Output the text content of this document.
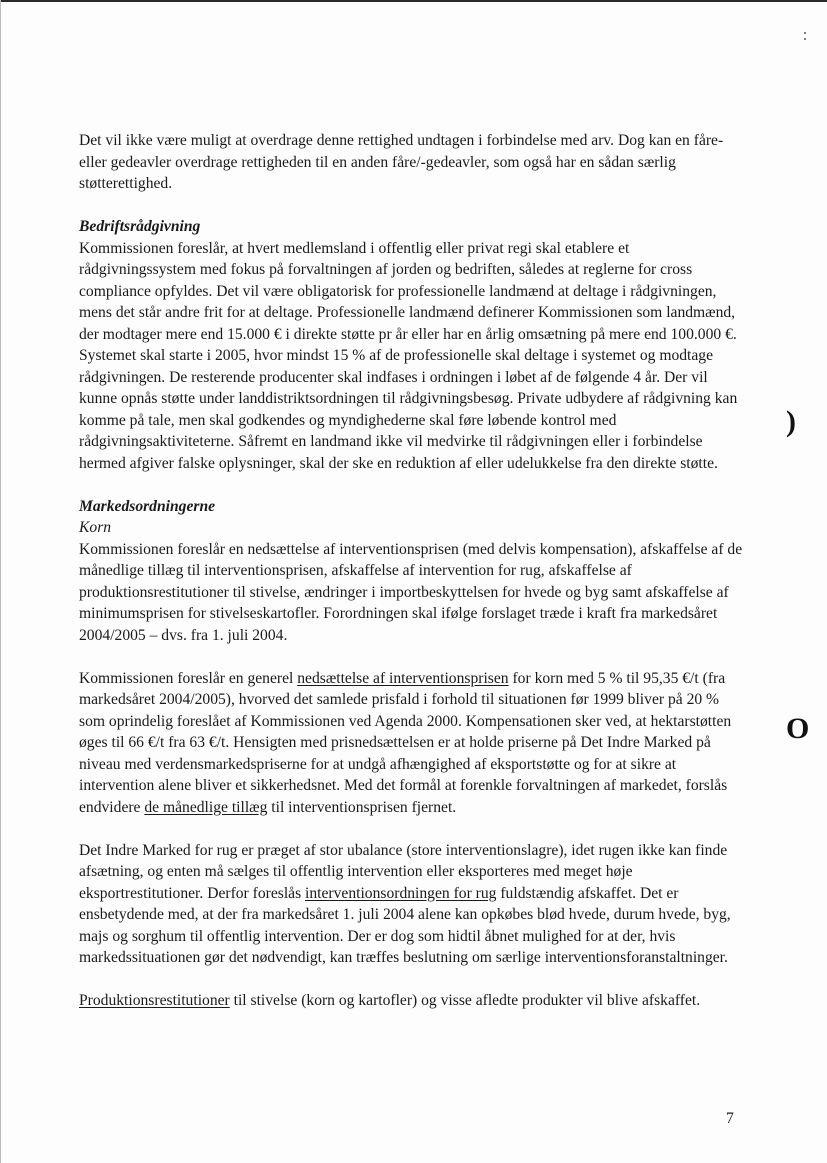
Det vil ikke være muligt at overdrage denne rettighed undtagen i forbindelse med arv. Dog kan en fåre- eller gedeavler overdrage rettigheden til en anden fåre/-gedeavler, som også har en sådan særlig støtterettighed.

Bedriftsrådgivning

Kommissionen foreslår, at hvert medlemsland i offentlig eller privat regi skal etablere et rådgivningssystem med fokus på forvaltningen af jorden og bedriften, således at reglerne for cross compliance opfyldes. Det vil være obligatorisk for professionelle landmænd at deltage i rådgivningen, mens det står andre frit for at deltage. Professionelle landmænd definerer Kommissionen som landmænd, der modtager mere end 15.000 € i direkte støtte pr år eller har en årlig omsætning på mere end 100.000 €. Systemet skal starte i 2005, hvor mindst 15 % af de professionelle skal deltage i systemet og modtage rådgivningen. De resterende producenter skal indfases i ordningen i løbet af de følgende 4 år. Der vil kunne opnås støtte under landdistriktsordningen til rådgivningsbesøg. Private udbydere af rådgivning kan komme på tale, men skal godkendes og myndighederne skal føre løbende kontrol med rådgivningsaktiviteterne. Såfremt en landmand ikke vil medvirke til rådgivningen eller i forbindelse hermed afgiver falske oplysninger, skal der ske en reduktion af eller udelukkelse fra den direkte støtte.

Markedsordningerne

Korn

Kommissionen foreslår en nedsættelse af interventionsprisen (med delvis kompensation), afskaffelse af de månedlige tillæg til interventionsprisen, afskaffelse af intervention for rug, afskaffelse af produktionsrestitutioner til stivelse, ændringer i importbeskyttelsen for hvede og byg samt afskaffelse af minimumsprisen for stivelseskartofler. Forordningen skal ifølge forslaget træde i kraft fra markedsåret 2004/2005 – dvs. fra 1. juli 2004.

Kommissionen foreslår en generel nedsættelse af interventionsprisen for korn med 5 % til 95,35 €/t (fra markedsåret 2004/2005), hvorved det samlede prisfald i forhold til situationen før 1999 bliver på 20 % som oprindelig foreslået af Kommissionen ved Agenda 2000. Kompensationen sker ved, at hektarstøtten øges til 66 €/t fra 63 €/t. Hensigten med prisnedsættelsen er at holde priserne på Det Indre Marked på niveau med verdensmarkedspriserne for at undgå afhængighed af eksportstøtte og for at sikre at intervention alene bliver et sikkerhedsnet. Med det formål at forenkle forvaltningen af markedet, forslås endvidere de månedlige tillæg til interventionsprisen fjernet.

Det Indre Marked for rug er præget af stor ubalance (store interventionslagre), idet rugen ikke kan finde afsætning, og enten må sælges til offentlig intervention eller eksporteres med meget høje eksportrestitutioner. Derfor foreslås interventionsordningen for rug fuldstændig afskaffet. Det er ensbetydende med, at der fra markedsåret 1. juli 2004 alene kan opkøbes blød hvede, durum hvede, byg, majs og sorghum til offentlig intervention. Der er dog som hidtil åbnet mulighed for at der, hvis markedssituationen gør det nødvendigt, kan træffes beslutning om særlige interventionsforanstaltninger.

Produktionsrestitutioner til stivelse (korn og kartofler) og visse afledte produkter vil blive afskaffet.

7
)
O
